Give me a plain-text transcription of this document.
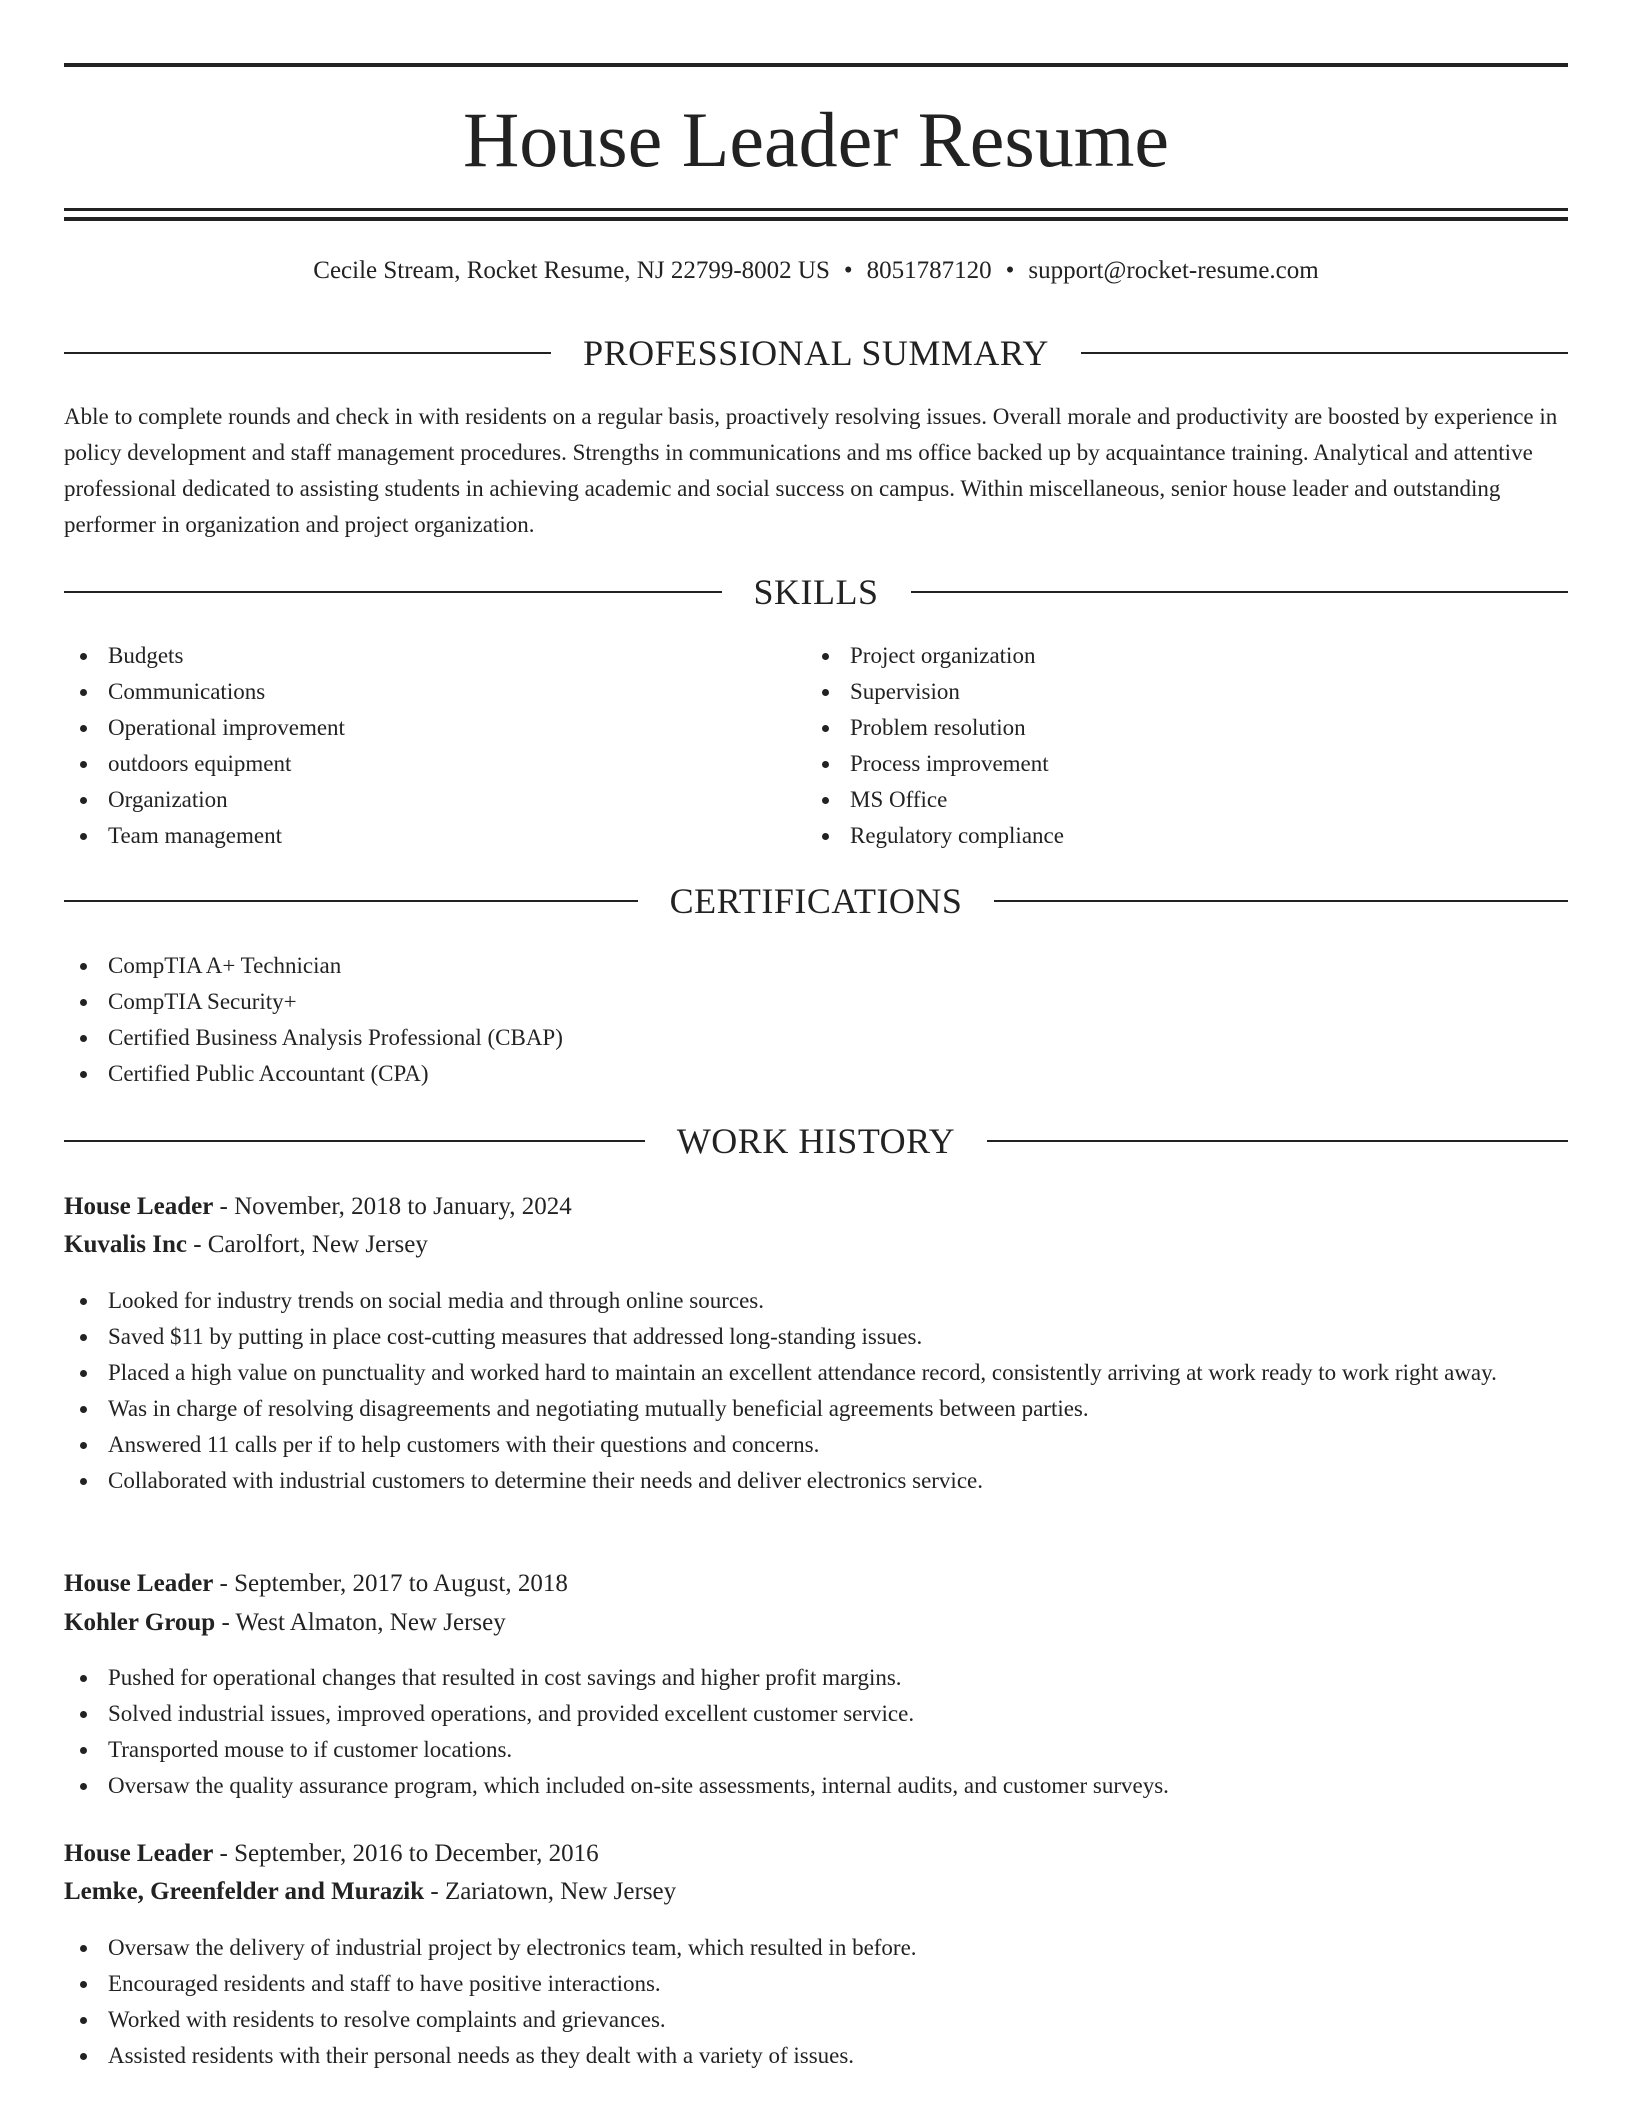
House Leader Resume
Cecile Stream, Rocket Resume, NJ 22799-8002 US • 8051787120 • support@rocket-resume.com
PROFESSIONAL SUMMARY

Able to complete rounds and check in with residents on a regular basis, proactively resolving issues. Overall morale and productivity are boosted by experience in policy development and staff management procedures. Strengths in communications and ms office backed up by acquaintance training. Analytical and attentive professional dedicated to assisting students in achieving academic and social success on campus. Within miscellaneous, senior house leader and outstanding performer in organization and project organization.

SKILLS
Budgets
Communications
Operational improvement
outdoors equipment
Organization
Team management
Project organization
Supervision
Problem resolution
Process improvement
MS Office
Regulatory compliance
CERTIFICATIONS
CompTIA A+ Technician
CompTIA Security+
Certified Business Analysis Professional (CBAP)
Certified Public Accountant (CPA)
WORK HISTORY
House Leader - November, 2018 to January, 2024
Kuvalis Inc - Carolfort, New Jersey
Looked for industry trends on social media and through online sources.
Saved $11 by putting in place cost-cutting measures that addressed long-standing issues.
Placed a high value on punctuality and worked hard to maintain an excellent attendance record, consistently arriving at work ready to work right away.
Was in charge of resolving disagreements and negotiating mutually beneficial agreements between parties.
Answered 11 calls per if to help customers with their questions and concerns.
Collaborated with industrial customers to determine their needs and deliver electronics service.
House Leader - September, 2017 to August, 2018
Kohler Group - West Almaton, New Jersey
Pushed for operational changes that resulted in cost savings and higher profit margins.
Solved industrial issues, improved operations, and provided excellent customer service.
Transported mouse to if customer locations.
Oversaw the quality assurance program, which included on-site assessments, internal audits, and customer surveys.
House Leader - September, 2016 to December, 2016
Lemke, Greenfelder and Murazik - Zariatown, New Jersey
Oversaw the delivery of industrial project by electronics team, which resulted in before.
Encouraged residents and staff to have positive interactions.
Worked with residents to resolve complaints and grievances.
Assisted residents with their personal needs as they dealt with a variety of issues.
